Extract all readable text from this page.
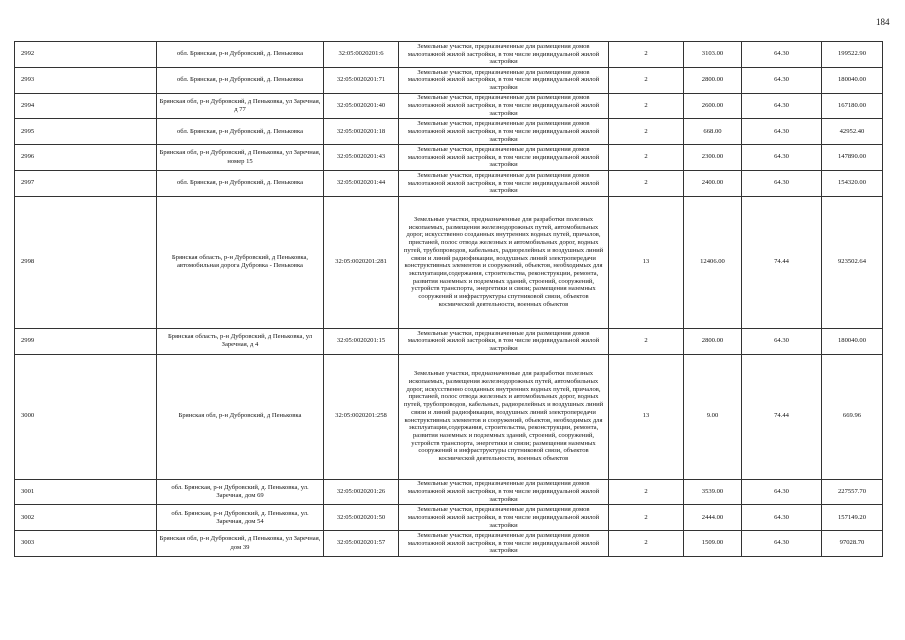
184
2992	обл. Брянская, р-н Дубровский, д. Пеньковка	32:05:0020201:6	Земельные участки, предназначенные для размещения домов малоэтажной жилой застройки, в том числе индивидуальной жилой застройки	2	3103.00	64.30	199522.90
2993	обл. Брянская, р-н Дубровский, д. Пеньковка	32:05:0020201:71	Земельные участки, предназначенные для размещения домов малоэтажной жилой застройки, в том числе индивидуальной жилой застройки	2	2800.00	64.30	180040.00
2994	Брянская обл, р-н Дубровский, д Пеньковка, ул Заречная, д 77	32:05:0020201:40	Земельные участки, предназначенные для размещения домов малоэтажной жилой застройки, в том числе индивидуальной жилой застройки	2	2600.00	64.30	167180.00
2995	обл. Брянская, р-н Дубровский, д. Пеньковка	32:05:0020201:18	Земельные участки, предназначенные для размещения домов малоэтажной жилой застройки, в том числе индивидуальной жилой застройки	2	668.00	64.30	42952.40
2996	Брянская обл, р-н Дубровский, д Пеньковка, ул Заречная, номер 15	32:05:0020201:43	Земельные участки, предназначенные для размещения домов малоэтажной жилой застройки, в том числе индивидуальной жилой застройки	2	2300.00	64.30	147890.00
2997	обл. Брянская, р-н Дубровский, д. Пеньковка	32:05:0020201:44	Земельные участки, предназначенные для размещения домов малоэтажной жилой застройки, в том числе индивидуальной жилой застройки	2	2400.00	64.30	154320.00
2998	Брянская область, р-н Дубровский, д Пеньковка, автомобильная дорога Дубровка - Пеньковка	32:05:0020201:281	Земельные участки, предназначенные для разработки полезных ископаемых, размещения железнодорожных путей, автомобильных дорог, искусственно созданных внутренних водных путей, причалов, пристаней, полос отвода железных и автомобильных дорог, водных путей, трубопроводов, кабельных, радиорелейных и воздушных линий связи и линий радиофикации, воздушных линий электропередачи конструктивных элементов и сооружений, объектов, необходимых для эксплуатации,содержания, строительства, реконструкции, ремонта, развития наземных и подземных зданий, строений, сооружений, устройств транспорта, энергетики и связи; размещения наземных сооружений и инфраструктуры спутниковой связи, объектов космической деятельности, военных объектов	13	12406.00	74.44	923502.64
2999	Брянская область, р-н Дубровский, д Пеньковка, ул Заречная, д 4	32:05:0020201:15	Земельные участки, предназначенные для размещения домов малоэтажной жилой застройки, в том числе индивидуальной жилой застройки	2	2800.00	64.30	180040.00
3000	Брянская обл, р-н Дубровский, д Пеньковка	32:05:0020201:258	Земельные участки, предназначенные для разработки полезных ископаемых, размещения железнодорожных путей, автомобильных дорог, искусственно созданных внутренних водных путей, причалов, пристаней, полос отвода железных и автомобильных дорог, водных путей, трубопроводов, кабельных, радиорелейных и воздушных линий связи и линий радиофикации, воздушных линий электропередачи конструктивных элементов и сооружений, объектов, необходимых для эксплуатации,содержания, строительства, реконструкции, ремонта, развития наземных и подземных зданий, строений, сооружений, устройств транспорта, энергетики и связи; размещения наземных сооружений и инфраструктуры спутниковой связи, объектов космической деятельности, военных объектов	13	9.00	74.44	669.96
3001	обл. Брянская, р-н Дубровский, д. Пеньковка, ул. Заречная, дом 69	32:05:0020201:26	Земельные участки, предназначенные для размещения домов малоэтажной жилой застройки, в том числе индивидуальной жилой застройки	2	3539.00	64.30	227557.70
3002	обл. Брянская, р-н Дубровский, д. Пеньковка, ул. Заречная, дом 54	32:05:0020201:50	Земельные участки, предназначенные для размещения домов малоэтажной жилой застройки, в том числе индивидуальной жилой застройки	2	2444.00	64.30	157149.20
3003	Брянская обл, р-н Дубровский, д Пеньковка, ул Заречная, дом 39	32:05:0020201:57	Земельные участки, предназначенные для размещения домов малоэтажной жилой застройки, в том числе индивидуальной жилой застройки	2	1509.00	64.30	97028.70
